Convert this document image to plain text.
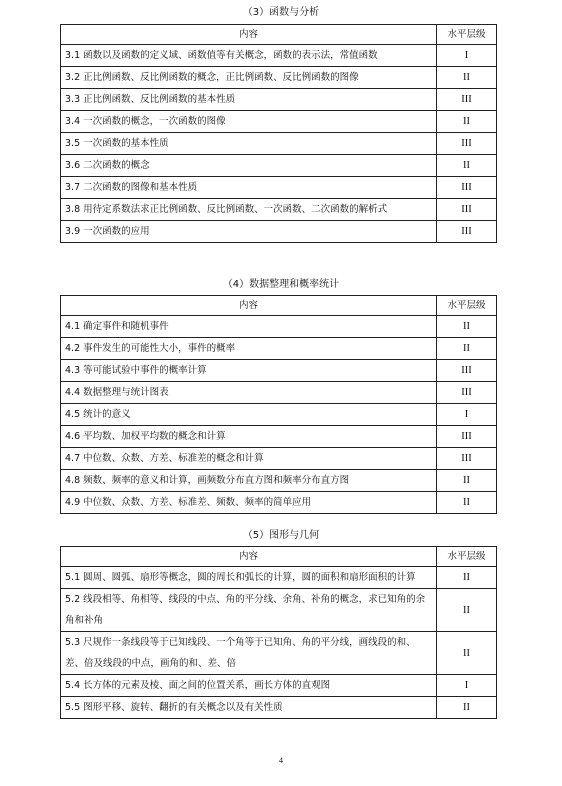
（3）函数与分析
内容	水平层级
3.1 函数以及函数的定义域、函数值等有关概念，函数的表示法，常值函数	I
3.2 正比例函数、反比例函数的概念，正比例函数、反比例函数的图像	II
3.3 正比例函数、反比例函数的基本性质	III
3.4 一次函数的概念，一次函数的图像	II
3.5 一次函数的基本性质	III
3.6 二次函数的概念	II
3.7 二次函数的图像和基本性质	III
3.8 用待定系数法求正比例函数、反比例函数、一次函数、二次函数的解析式	III
3.9 一次函数的应用	III
（4）数据整理和概率统计
内容	水平层级
4.1 确定事件和随机事件	II
4.2 事件发生的可能性大小，事件的概率	II
4.3 等可能试验中事件的概率计算	III
4.4 数据整理与统计图表	III
4.5 统计的意义	I
4.6 平均数、加权平均数的概念和计算	III
4.7 中位数、众数、方差、标准差的概念和计算	III
4.8 频数、频率的意义和计算，画频数分布直方图和频率分布直方图	II
4.9 中位数、众数、方差、标准差、频数、频率的简单应用	II
（5）图形与几何
内容	水平层级
5.1 圆周、圆弧、扇形等概念，圆的周长和弧长的计算，圆的面积和扇形面积的计算	II
5.2 线段相等、角相等、线段的中点、角的平分线、余角、补角的概念，求已知角的余角和补角	II
5.3 尺规作一条线段等于已知线段、一个角等于已知角、角的平分线，画线段的和、差、倍及线段的中点，画角的和、差、倍	II
5.4 长方体的元素及棱、面之间的位置关系，画长方体的直观图	I
5.5 图形平移、旋转、翻折的有关概念以及有关性质	II
4
